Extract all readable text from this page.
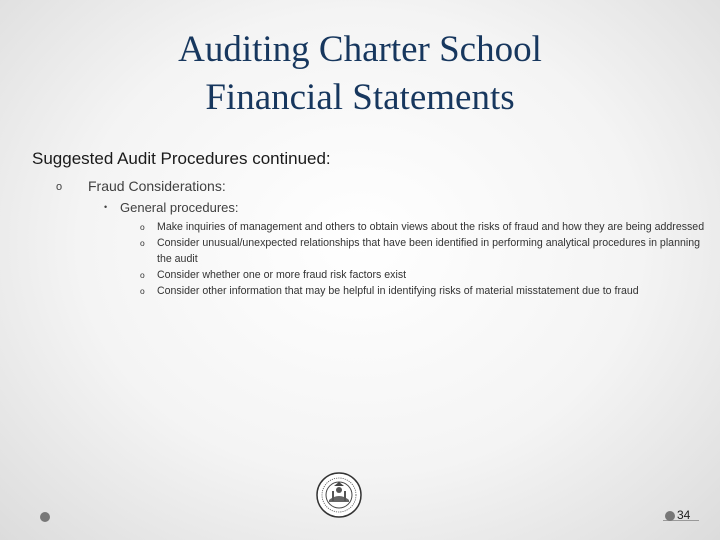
Auditing Charter School
Financial Statements
Suggested Audit Procedures continued:
o Fraud Considerations:
• General procedures:
o Make inquiries of management and others to obtain views about the risks of fraud and how they are being addressed
o Consider unusual/unexpected relationships that have been identified in performing analytical procedures in planning the audit
o Consider whether one or more fraud risk factors exist
o Consider other information that may be helpful in identifying risks of material misstatement due to fraud
34
